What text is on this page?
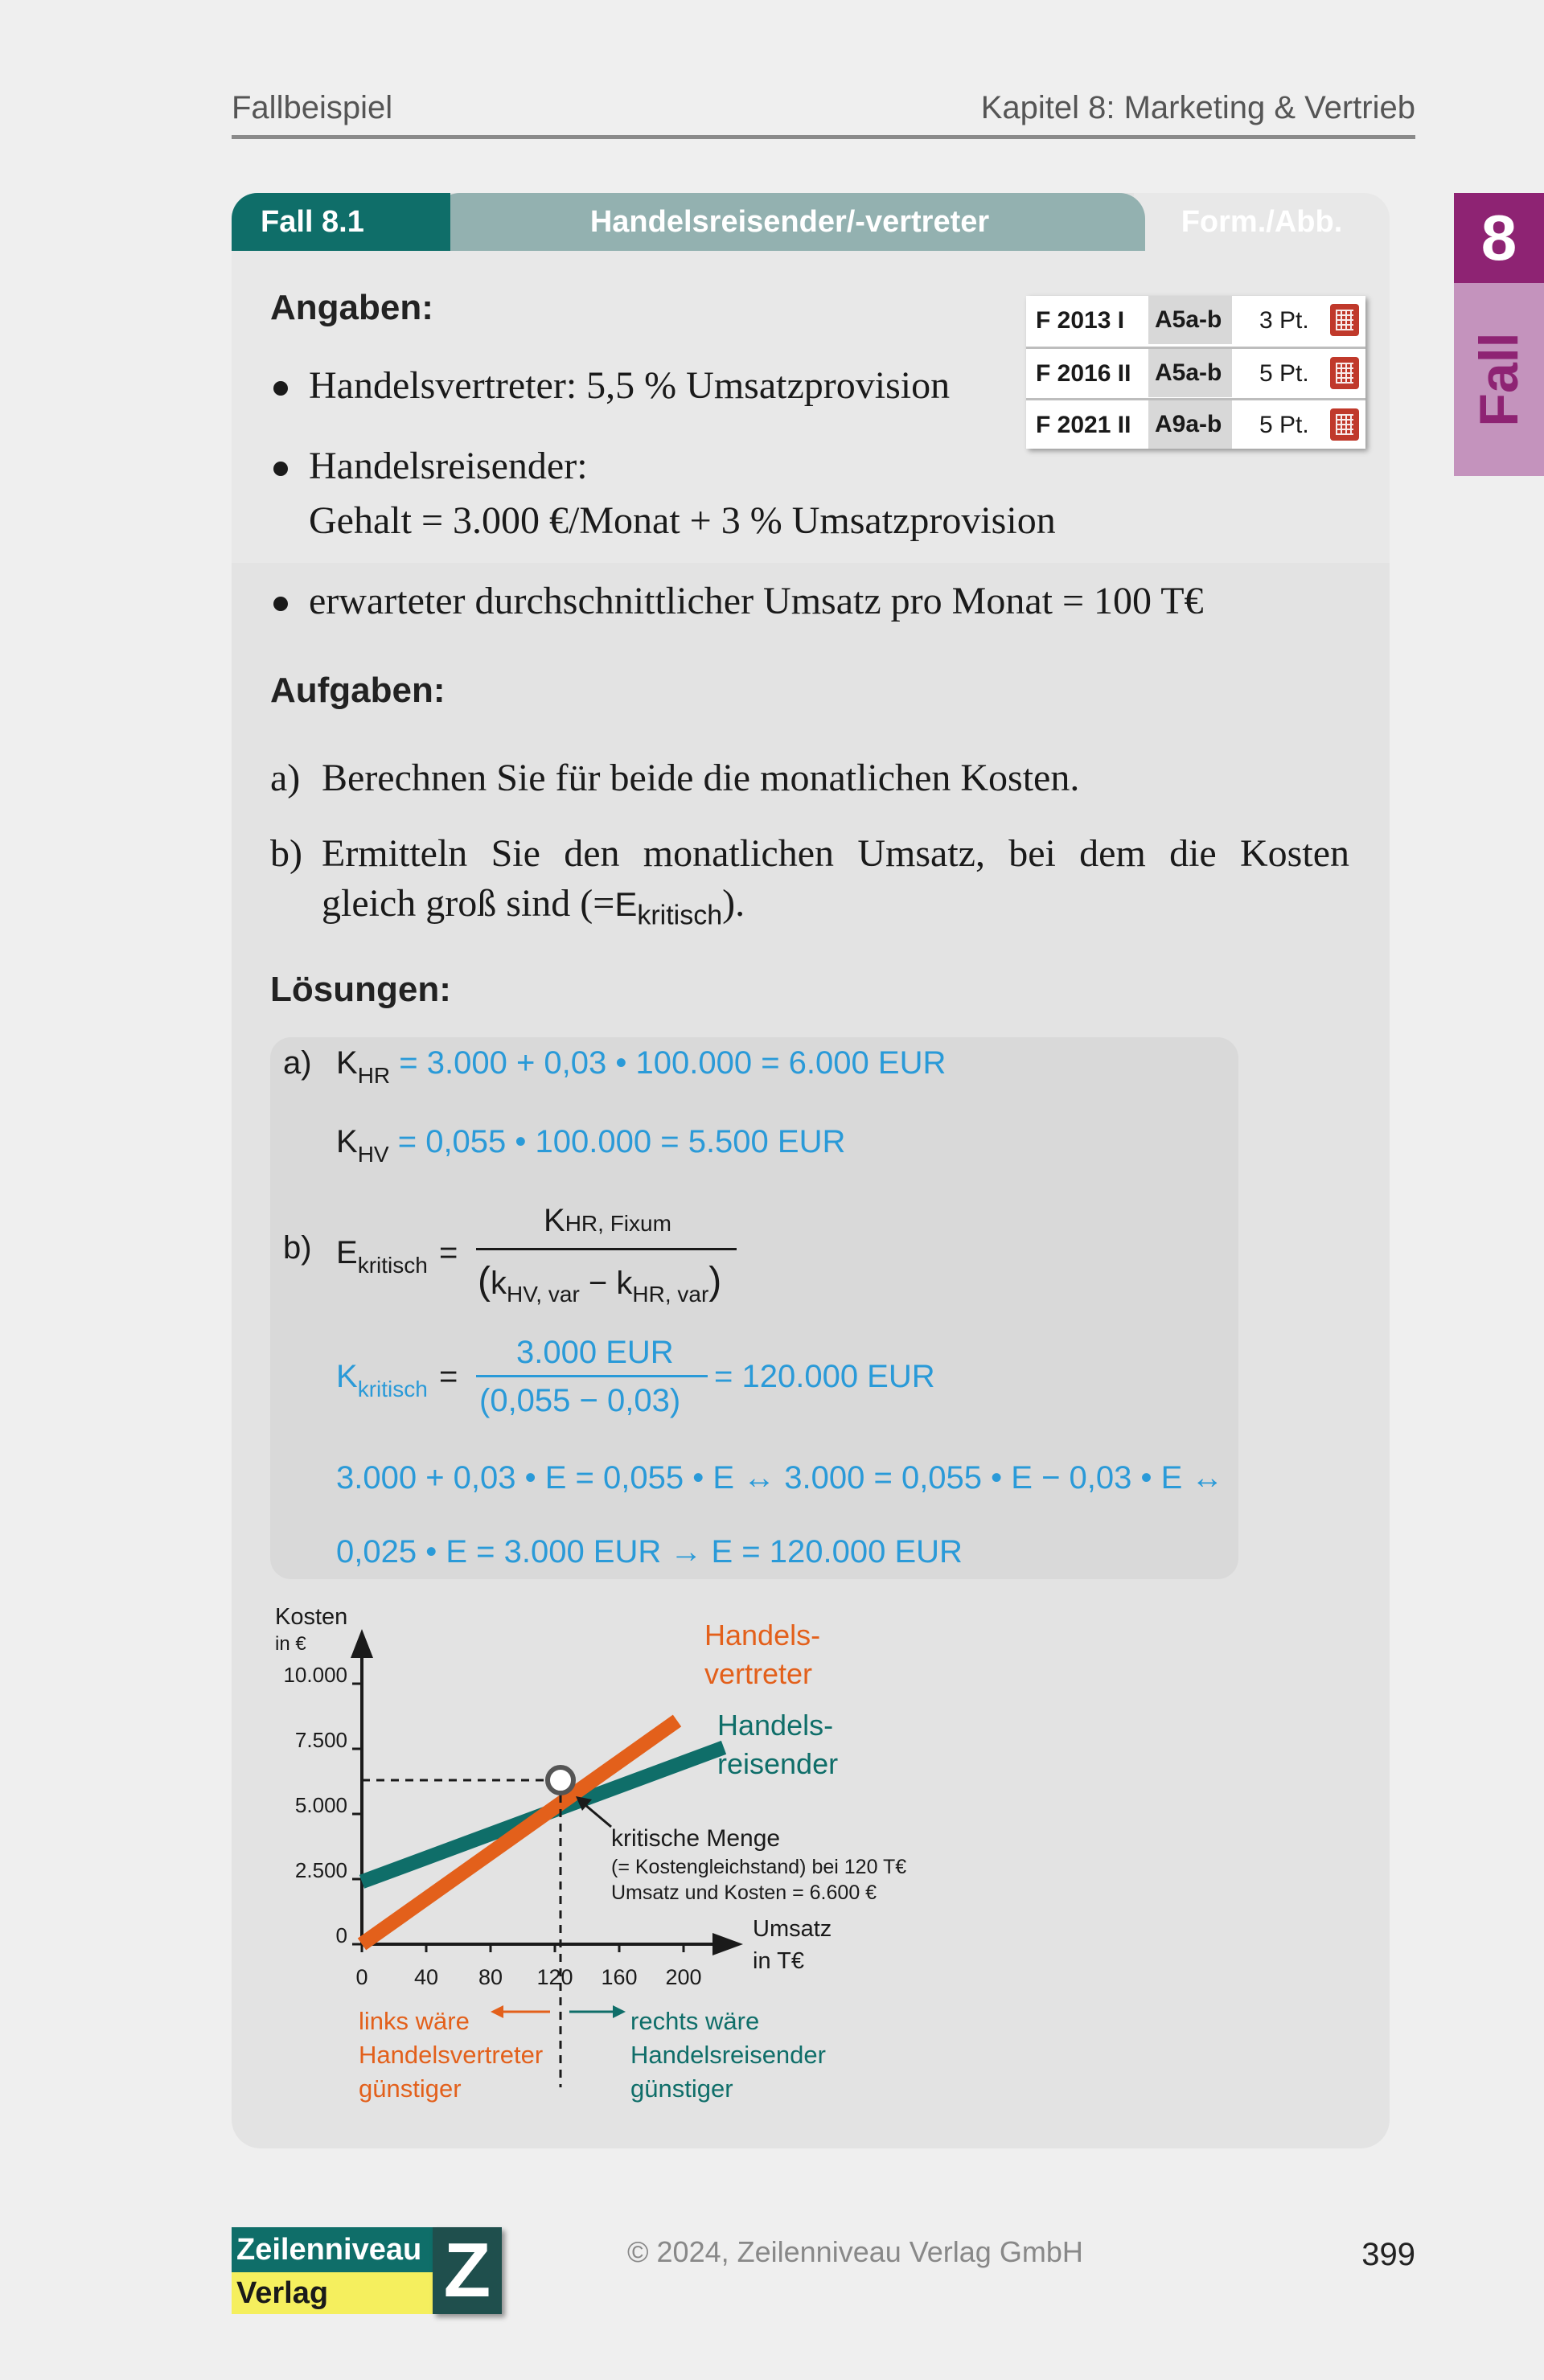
Fallbeispiel	Kapitel 8: Marketing & Vertrieb
8
Fall
Form./Abb.
Handelsreisender/-vertreter
Fall 8.1
F 2013 I A5a-b	3 Pt.
F 2016 II A5a-b	5 Pt.
F 2021 II A9a-b	5 Pt.
Angaben:
Handelsvertreter: 5,5 % Umsatzprovision
Handelsreisender:
Gehalt = 3.000 €/Monat + 3 % Umsatzprovision
erwarteter durchschnittlicher Umsatz pro Monat = 100 T€
Aufgaben:
a) Berechnen Sie für beide die monatlichen Kosten.
b) Ermitteln Sie den monatlichen Umsatz, bei dem die Kosten
gleich groß sind $(=E_{kritisch})$.
Lösungen:
a) $K_{HR} = 3.000 + 0,03$ • 100.000 = 6.000 EUR
$K_{HV} = 0,055$ • 100.000 = 5.500 EUR
b) $E_{kritisch}$ =
KHR, Fixum
$(k_{HV, var} - k_{HR, var})$
$K_{kritisch}$ =
3.000 EUR
(0,055 − 0,03)
= 120.000 EUR
3.000 + 0,03 • E = 0,055 • E ↔ 3.000 = 0,055 • E − 0,03 • E ↔
0,025 • E = 3.000 EUR → E = 120.000 EUR
0
2.500
5.000
7.500
10.000
0 40 80 120 160 200
Kosten
in €
Umsatz
in T€
Handels-
vertreter
Handels-
reisender
kritische Menge
(= Kostengleichstand) bei 120 T€
Umsatz und Kosten = 6.600 €
links wäre
Handelsvertreter
günstiger
rechts wäre
Handelsreisender
günstiger
Zeilenniveau
Verlag	Z	© 2024, Zeilenniveau Verlag GmbH	399
